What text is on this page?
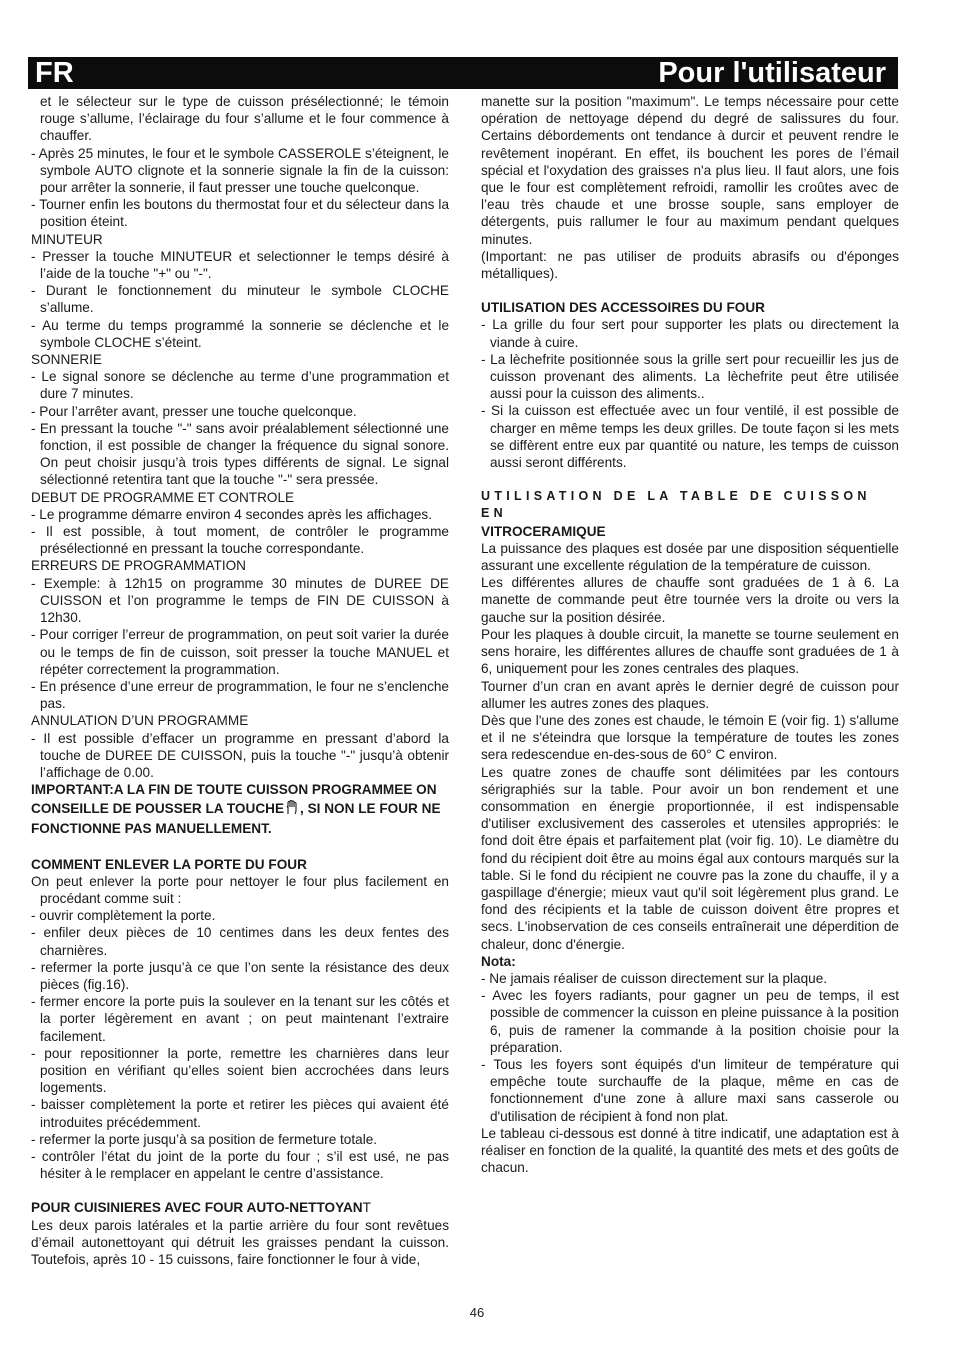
FR	Pour l'utilisateur

et le sélecteur sur le type de cuisson présélectionné; le témoin rouge s’allume, l’éclairage du four s’allume et le four commence à chauffer.

- Après 25 minutes, le four et le symbole CASSEROLE s’éteignent, le symbole AUTO clignote et la sonnerie signale la fin de la cuisson: pour arrêter la sonnerie, il faut presser une touche quelconque.

- Tourner enfin les boutons du thermostat four et du sélecteur dans la position éteint.

MINUTEUR

- Presser la touche MINUTEUR et selectionner le temps désiré à l’aide de la touche "+" ou "-".

- Durant le fonctionnement du minuteur le symbole CLOCHE s’allume.

- Au terme du temps programmé la sonnerie se déclenche et le symbole CLOCHE s’éteint.

SONNERIE

- Le signal sonore se déclenche au terme d’une programmation et dure 7 minutes.

- Pour l’arrêter avant, presser une touche quelconque.

- En pressant la touche "-" sans avoir préalablement sélectionné une fonction, il est possible de changer la fréquence du signal sonore. On peut choisir jusqu’à trois types différents de signal. Le signal sélectionné retentira tant que la touche "-" sera pressée.

DEBUT DE PROGRAMME ET CONTROLE

- Le programme démarre environ 4 secondes après les affichages.

- Il est possible, à tout moment, de contrôler le programme présélectionné en pressant la touche correspondante.

ERREURS DE PROGRAMMATION

- Exemple: à 12h15 on programme 30 minutes de DUREE DE CUISSON et l’on programme le temps de FIN DE CUISSON à 12h30.

- Pour corriger l’erreur de programmation, on peut soit varier la durée ou le temps de fin de cuisson, soit presser la touche MANUEL et répéter correctement la programmation.

- En présence d’une erreur de programmation, le four ne s’enclenche pas.

ANNULATION D’UN PROGRAMME

- Il est possible d’effacer un programme en pressant d’abord la touche de DUREE DE CUISSON, puis la touche "-" jusqu’à obtenir l’affichage de 0.00.

IMPORTANT:A LA FIN DE TOUTE CUISSON PROGRAMMEE ON CONSEILLE DE POUSSER LA TOUCHE , SI NON LE FOUR NE FONCTIONNE PAS MANUELLEMENT.

COMMENT ENLEVER LA PORTE DU FOUR

On peut enlever la porte pour nettoyer le four plus facilement en procédant comme suit :

- ouvrir complètement la porte.

- enfiler deux pièces de 10 centimes dans les deux fentes des charnières.

- refermer la porte jusqu’à ce que l’on sente la résistance des deux pièces (fig.16).

- fermer encore la porte puis la soulever en la tenant sur les côtés et la porter légèrement en avant ; on peut maintenant l’extraire facilement.

- pour repositionner la porte, remettre les charnières dans leur position en vérifiant qu’elles soient bien accrochées dans leurs logements.

- baisser complètement la porte et retirer les pièces qui avaient été introduites précédemment.

- refermer la porte jusqu’à sa position de fermeture totale.

- contrôler l’état du joint de la porte du four ; s’il est usé, ne pas hésiter à le remplacer en appelant le centre d’assistance.

POUR CUISINIERES AVEC FOUR AUTO-NETTOYANT

Les deux parois latérales et la partie arrière du four sont revêtues d’émail autonettoyant qui détruit les graisses pendant la cuisson. Toutefois, après 10 - 15 cuissons, faire fonctionner le four à vide,

manette sur la position "maximum". Le temps nécessaire pour cette opération de nettoyage dépend du degré de salissures du four. Certains débordements ont tendance à durcir et peuvent rendre le revêtement inopérant. En effet, ils bouchent les pores de l’émail spécial et l'oxydation des graisses n'a plus lieu. Il faut alors, une fois que le four est complètement refroidi, ramollir les croûtes avec de l’eau très chaude et une brosse souple, sans employer de détergents, puis rallumer le four au maximum pendant quelques minutes.

(Important: ne pas utiliser de produits abrasifs ou d'éponges métalliques).

UTILISATION DES ACCESSOIRES DU FOUR

- La grille du four sert pour supporter les plats ou directement la viande à cuire.

- La lèchefrite positionnée sous la grille sert pour recueillir les jus de cuisson provenant des aliments. La lèchefrite peut être utilisée aussi pour la cuisson des aliments..

- Si la cuisson est effectuée avec un four ventilé, il est possible de charger en même temps les deux grilles. De toute façon si les mets se diffèrent entre eux par quantité ou nature, les temps de cuisson aussi seront différents.

UTILISATION DE LA TABLE DE CUISSON EN

VITROCERAMIQUE

La puissance des plaques est dosée par une disposition séquentielle assurant une excellente régulation de la température de cuisson.

Les différentes allures de chauffe sont graduées de 1 à 6. La manette de commande peut être tournée vers la droite ou vers la gauche sur la position désirée.

Pour les plaques à double circuit, la manette se tourne seulement en sens horaire, les différentes allures de chauffe sont graduées de 1 à 6, uniquement pour les zones centrales des plaques.

Tourner d’un cran en avant après le dernier degré de cuisson pour allumer les autres zones des plaques.

Dès que l'une des zones est chaude, le témoin E (voir fig. 1) s'allume et il ne s'éteindra que lorsque la température de toutes les zones sera redescendue en-des-sous de 60° C environ.

Les quatre zones de chauffe sont délimitées par les contours sérigraphiés sur la table. Pour avoir un bon rendement et une consommation en énergie proportionnée, il est indispensable d'utiliser exclusivement des casseroles et utensiles appropriés: le fond doit être épais et parfaitement plat (voir fig. 10). Le diamètre du fond du récipient doit être au moins égal aux contours marqués sur la table. Si le fond du récipient ne couvre pas la zone du chauffe, il y a gaspillage d'énergie; mieux vaut qu'il soit légèrement plus grand. Le fond des récipients et la table de cuisson doivent être propres et secs. L'inobservation de ces conseils entraînerait une déperdition de chaleur, donc d'énergie.

Nota:

- Ne jamais réaliser de cuisson directement sur la plaque.

- Avec les foyers radiants, pour gagner un peu de temps, il est possible de commencer la cuisson en pleine puissance à la position 6, puis de ramener la commande à la position choisie pour la préparation.

- Tous les foyers sont équipés d'un limiteur de température qui empêche toute surchauffe de la plaque, même en cas de fonctionnement d'une zone à allure maxi sans casserole ou d'utilisation de récipient à fond non plat.

Le tableau ci-dessous est donné à titre indicatif, une adaptation est à réaliser en fonction de la qualité, la quantité des mets et des goûts de chacun.

46
